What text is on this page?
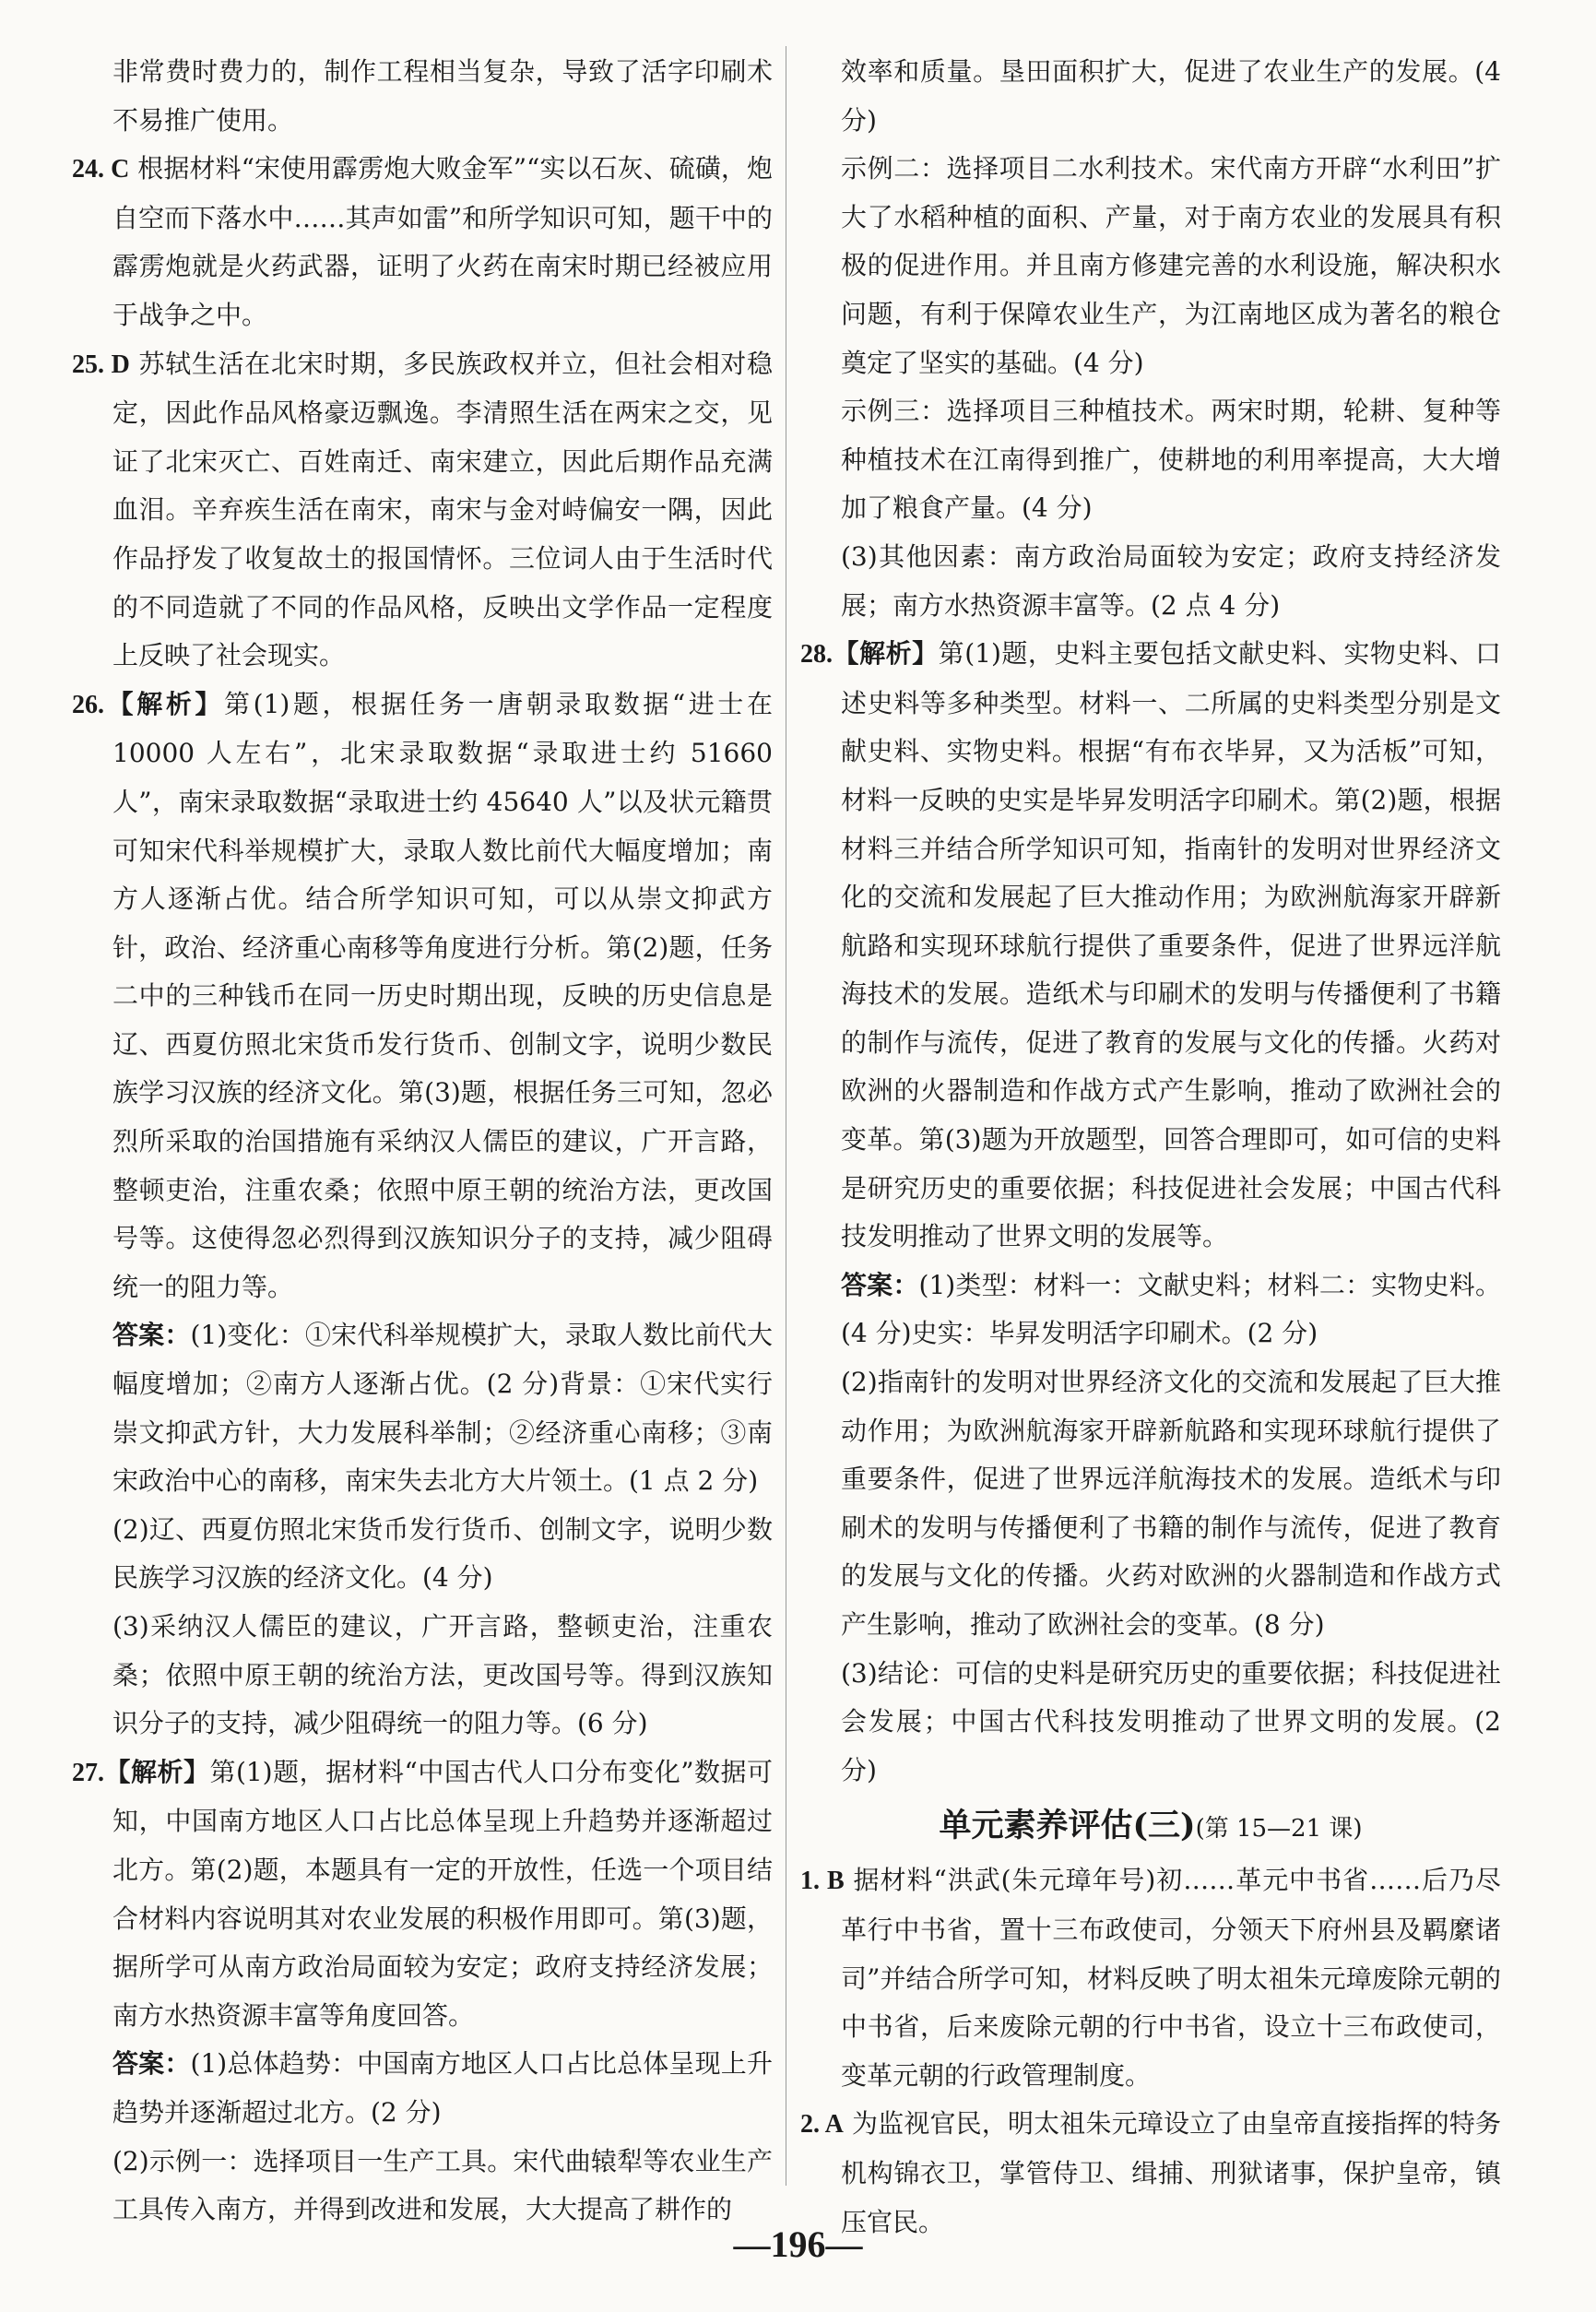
非常费时费力的，制作工程相当复杂，导致了活字印刷术不易推广使用。

24. C 根据材料“宋使用霹雳炮大败金军”“实以石灰、硫磺，炮自空而下落水中……其声如雷”和所学知识可知，题干中的霹雳炮就是火药武器，证明了火药在南宋时期已经被应用于战争之中。

25. D 苏轼生活在北宋时期，多民族政权并立，但社会相对稳定，因此作品风格豪迈飘逸。李清照生活在两宋之交，见证了北宋灭亡、百姓南迁、南宋建立，因此后期作品充满血泪。辛弃疾生活在南宋，南宋与金对峙偏安一隅，因此作品抒发了收复故土的报国情怀。三位词人由于生活时代的不同造就了不同的作品风格，反映出文学作品一定程度上反映了社会现实。

26.【解析】第(1)题，根据任务一唐朝录取数据“进士在 10000 人左右”，北宋录取数据“录取进士约 51660 人”，南宋录取数据“录取进士约 45640 人”以及状元籍贯可知宋代科举规模扩大，录取人数比前代大幅度增加；南方人逐渐占优。结合所学知识可知，可以从崇文抑武方针，政治、经济重心南移等角度进行分析。第(2)题，任务二中的三种钱币在同一历史时期出现，反映的历史信息是辽、西夏仿照北宋货币发行货币、创制文字，说明少数民族学习汉族的经济文化。第(3)题，根据任务三可知，忽必烈所采取的治国措施有采纳汉人儒臣的建议，广开言路，整顿吏治，注重农桑；依照中原王朝的统治方法，更改国号等。这使得忽必烈得到汉族知识分子的支持，减少阻碍统一的阻力等。

答案：(1)变化：①宋代科举规模扩大，录取人数比前代大幅度增加；②南方人逐渐占优。(2 分)背景：①宋代实行崇文抑武方针，大力发展科举制；②经济重心南移；③南宋政治中心的南移，南宋失去北方大片领土。(1 点 2 分)

(2)辽、西夏仿照北宋货币发行货币、创制文字，说明少数民族学习汉族的经济文化。(4 分)

(3)采纳汉人儒臣的建议，广开言路，整顿吏治，注重农桑；依照中原王朝的统治方法，更改国号等。得到汉族知识分子的支持，减少阻碍统一的阻力等。(6 分)

27.【解析】第(1)题，据材料“中国古代人口分布变化”数据可知，中国南方地区人口占比总体呈现上升趋势并逐渐超过北方。第(2)题，本题具有一定的开放性，任选一个项目结合材料内容说明其对农业发展的积极作用即可。第(3)题，据所学可从南方政治局面较为安定；政府支持经济发展；南方水热资源丰富等角度回答。

答案：(1)总体趋势：中国南方地区人口占比总体呈现上升趋势并逐渐超过北方。(2 分)

(2)示例一：选择项目一生产工具。宋代曲辕犁等农业生产工具传入南方，并得到改进和发展，大大提高了耕作的

效率和质量。垦田面积扩大，促进了农业生产的发展。(4 分)

示例二：选择项目二水利技术。宋代南方开辟“水利田”扩大了水稻种植的面积、产量，对于南方农业的发展具有积极的促进作用。并且南方修建完善的水利设施，解决积水问题，有利于保障农业生产，为江南地区成为著名的粮仓奠定了坚实的基础。(4 分)

示例三：选择项目三种植技术。两宋时期，轮耕、复种等种植技术在江南得到推广，使耕地的利用率提高，大大增加了粮食产量。(4 分)

(3)其他因素：南方政治局面较为安定；政府支持经济发展；南方水热资源丰富等。(2 点 4 分)

28.【解析】第(1)题，史料主要包括文献史料、实物史料、口述史料等多种类型。材料一、二所属的史料类型分别是文献史料、实物史料。根据“有布衣毕昇，又为活板”可知，材料一反映的史实是毕昇发明活字印刷术。第(2)题，根据材料三并结合所学知识可知，指南针的发明对世界经济文化的交流和发展起了巨大推动作用；为欧洲航海家开辟新航路和实现环球航行提供了重要条件，促进了世界远洋航海技术的发展。造纸术与印刷术的发明与传播便利了书籍的制作与流传，促进了教育的发展与文化的传播。火药对欧洲的火器制造和作战方式产生影响，推动了欧洲社会的变革。第(3)题为开放题型，回答合理即可，如可信的史料是研究历史的重要依据；科技促进社会发展；中国古代科技发明推动了世界文明的发展等。

答案：(1)类型：材料一：文献史料；材料二：实物史料。(4 分)史实：毕昇发明活字印刷术。(2 分)

(2)指南针的发明对世界经济文化的交流和发展起了巨大推动作用；为欧洲航海家开辟新航路和实现环球航行提供了重要条件，促进了世界远洋航海技术的发展。造纸术与印刷术的发明与传播便利了书籍的制作与流传，促进了教育的发展与文化的传播。火药对欧洲的火器制造和作战方式产生影响，推动了欧洲社会的变革。(8 分)

(3)结论：可信的史料是研究历史的重要依据；科技促进社会发展；中国古代科技发明推动了世界文明的发展。(2 分)

单元素养评估(三)(第 15—21 课)

1. B 据材料“洪武(朱元璋年号)初……革元中书省……后乃尽革行中书省，置十三布政使司，分领天下府州县及羁縻诸司”并结合所学可知，材料反映了明太祖朱元璋废除元朝的中书省，后来废除元朝的行中书省，设立十三布政使司，变革元朝的行政管理制度。

2. A 为监视官民，明太祖朱元璋设立了由皇帝直接指挥的特务机构锦衣卫，掌管侍卫、缉捕、刑狱诸事，保护皇帝，镇压官民。

—196—
